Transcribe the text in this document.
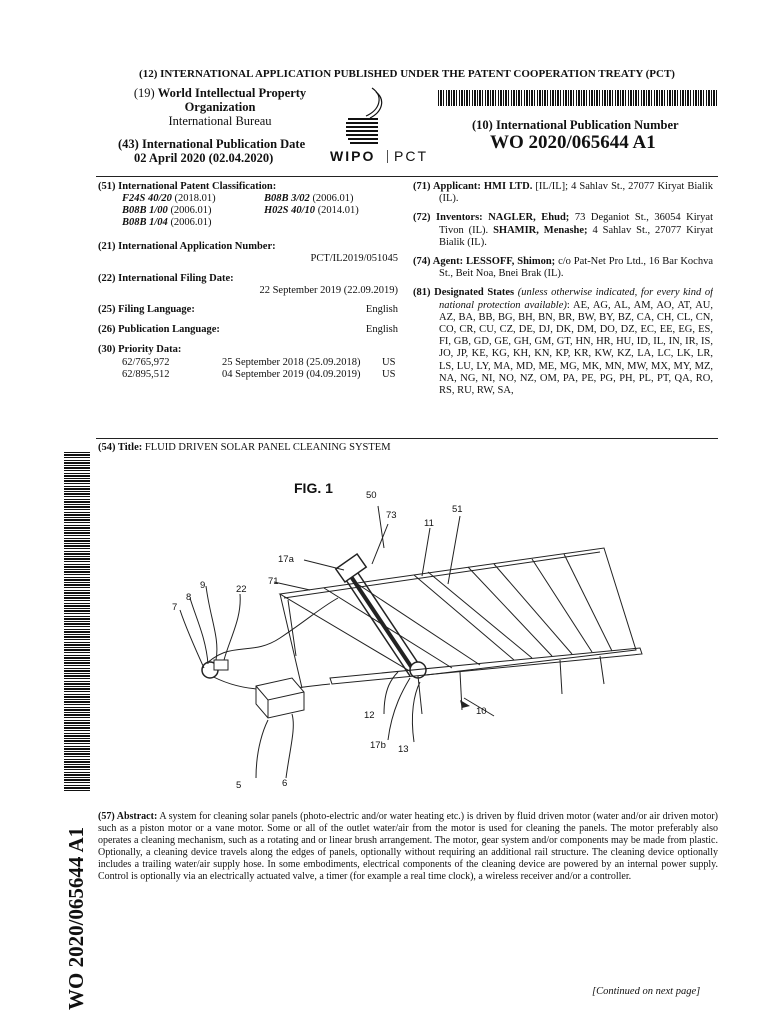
(12) INTERNATIONAL APPLICATION PUBLISHED UNDER THE PATENT COOPERATION TREATY (PCT)
(19) World Intellectual Property
Organization
International Bureau
(43) International Publication Date
02 April 2020 (02.04.2020)	WIPO | PCT
(10) International Publication Number
WO 2020/065644 A1
(51) International Patent Classification:
F24S 40/20 (2018.01)	B08B 3/02 (2006.01)
B08B 1/00 (2006.01)	H02S 40/10 (2014.01)
B08B 1/04 (2006.01)
(21) International Application Number:
PCT/IL2019/051045
(22) International Filing Date:
22 September 2019 (22.09.2019)
(25) Filing Language:	English
(26) Publication Language:	English
(30) Priority Data:
62/765,972	25 September 2018 (25.09.2018) US
62/895,512	04 September 2019 (04.09.2019) US
(71) Applicant: HMI LTD. [IL/IL]; 4 Sahlav St., 27077 Kiryat Bialik (IL).
(72) Inventors: NAGLER, Ehud; 73 Deganiot St., 36054 Kiryat Tivon (IL). SHAMIR, Menashe; 4 Sahlav St., 27077 Kiryat Bialik (IL).
(74) Agent: LESSOFF, Shimon; c/o Pat-Net Pro Ltd., 16 Bar Kochva St., Beit Noa, Bnei Brak (IL).
(81) Designated States (unless otherwise indicated, for every kind of national protection available): AE, AG, AL, AM, AO, AT, AU, AZ, BA, BB, BG, BH, BN, BR, BW, BY, BZ, CA, CH, CL, CN, CO, CR, CU, CZ, DE, DJ, DK, DM, DO, DZ, EC, EE, EG, ES, FI, GB, GD, GE, GH, GM, GT, HN, HR, HU, ID, IL, IN, IR, IS, JO, JP, KE, KG, KH, KN, KP, KR, KW, KZ, LA, LC, LK, LR, LS, LU, LY, MA, MD, ME, MG, MK, MN, MW, MX, MY, MZ, NA, NG, NI, NO, NZ, OM, PA, PE, PG, PH, PL, PT, QA, RO, RS, RU, RW, SA,
(54) Title: FLUID DRIVEN SOLAR PANEL CLEANING SYSTEM
WO 2020/065644 A1
FIG. 1	50
73
11
51
17a
9
8
7
22
71
10
12
17b 13
5	6
(57) Abstract: A system for cleaning solar panels (photo-electric and/or water heating etc.) is driven by fluid driven motor (water and/or air driven motor) such as a piston motor or a vane motor. Some or all of the outlet water/air from the motor is used for cleaning the panels. The motor preferably also operates a cleaning mechanism, such as a rotating and or linear brush arrangement. The motor, gear system and/or components may be made from plastic. Optionally, a cleaning device travels along the edges of panels, optionally without requiring an additional rail structure. The cleaning device optionally includes a trailing water/air supply hose. In some embodiments, electrical components of the cleaning device are powered by an internal power supply. Control is optionally via an electrically actuated valve, a timer (for example a real time clock), a wireless receiver and/or a controller.
[Continued on next page]
